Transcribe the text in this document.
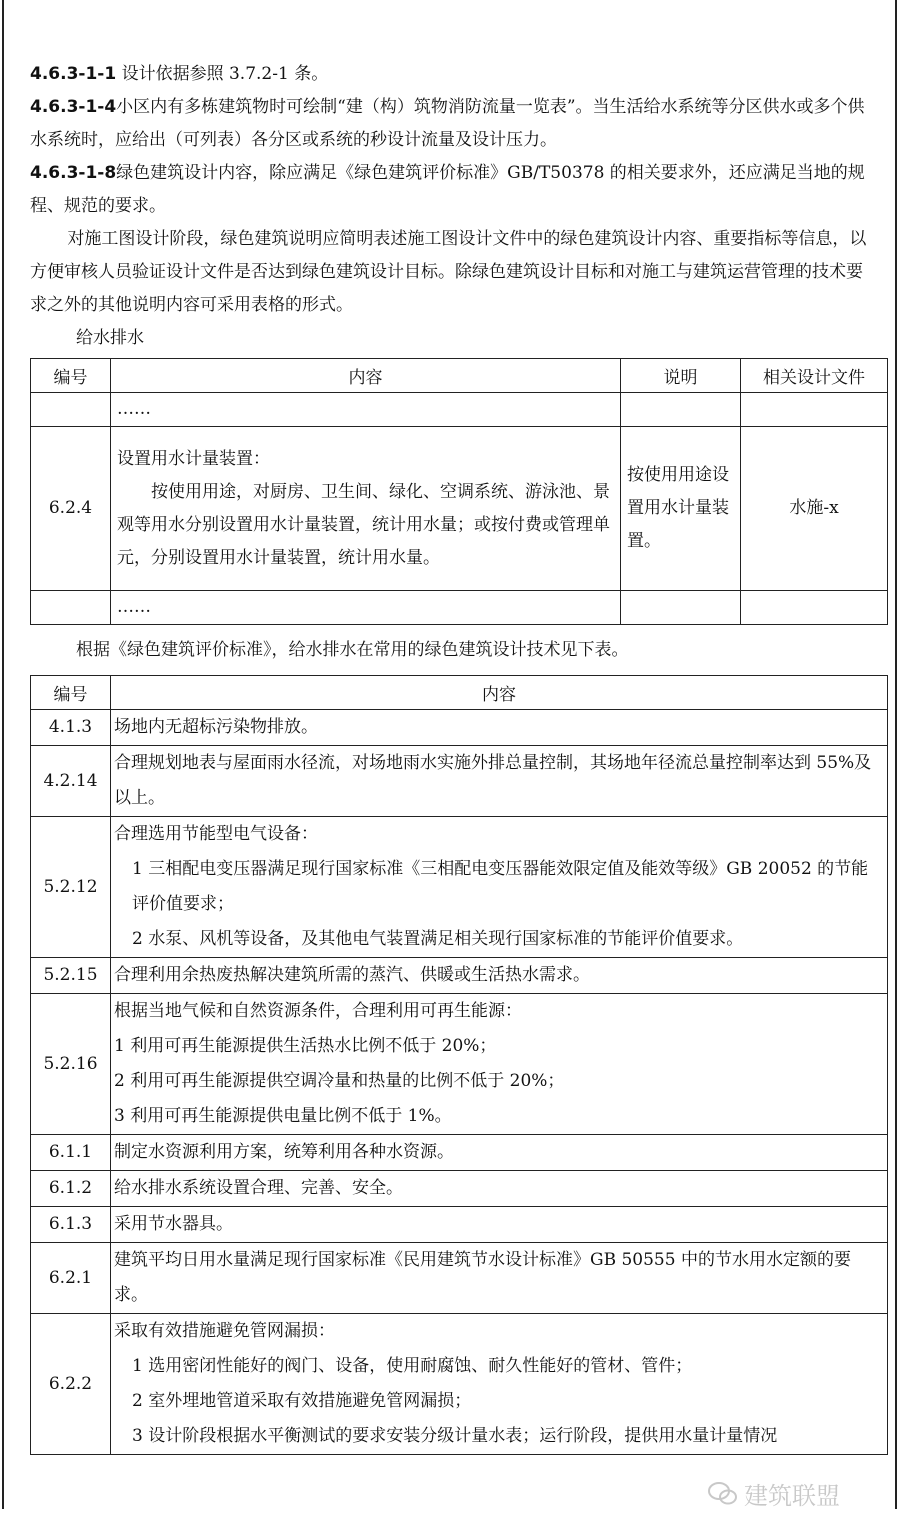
4.6.3-1-1 设计依据参照 3.7.2-1 条。

4.6.3-1-4小区内有多栋建筑物时可绘制“建（构）筑物消防流量一览表”。当生活给水系统等分区供水或多个供水系统时，应给出（可列表）各分区或系统的秒设计流量及设计压力。

4.6.3-1-8绿色建筑设计内容，除应满足《绿色建筑评价标准》GB/T50378 的相关要求外，还应满足当地的规程、规范的要求。

对施工图设计阶段，绿色建筑说明应简明表述施工图设计文件中的绿色建筑设计内容、重要指标等信息，以方便审核人员验证设计文件是否达到绿色建筑设计目标。除绿色建筑设计目标和对施工与建筑运营管理的技术要求之外的其他说明内容可采用表格的形式。

给水排水

编号	内容	说明	相关设计文件
	……		
6.2.4	设置用水计量装置：
按使用用途，对厨房、卫生间、绿化、空调系统、游泳池、景观等用水分别设置用水计量装置，统计用水量；或按付费或管理单元，分别设置用水计量装置，统计用水量。	按使用用途设置用水计量装置。	水施-x
	……		

根据《绿色建筑评价标准》，给水排水在常用的绿色建筑设计技术见下表。

编号	内容
4.1.3	场地内无超标污染物排放。

4.2.14	合理规划地表与屋面雨水径流，对场地雨水实施外排总量控制，其场地年径流总量控制率达到 55%及以上。

5.2.12	合理选用节能型电气设备：
1 三相配电变压器满足现行国家标准《三相配电变压器能效限定值及能效等级》GB 20052 的节能评价值要求；
2 水泵、风机等设备，及其他电气装置满足相关现行国家标准的节能评价值要求。

5.2.15	合理利用余热废热解决建筑所需的蒸汽、供暖或生活热水需求。

5.2.16	根据当地气候和自然资源条件，合理利用可再生能源：
1 利用可再生能源提供生活热水比例不低于 20%；
2 利用可再生能源提供空调冷量和热量的比例不低于 20%；
3 利用可再生能源提供电量比例不低于 1%。

6.1.1	制定水资源利用方案，统筹利用各种水资源。

6.1.2	给水排水系统设置合理、完善、安全。

6.1.3	采用节水器具。

6.2.1	建筑平均日用水量满足现行国家标准《民用建筑节水设计标准》GB 50555 中的节水用水定额的要求。

6.2.2	采取有效措施避免管网漏损：
1 选用密闭性能好的阀门、设备，使用耐腐蚀、耐久性能好的管材、管件；
2 室外埋地管道采取有效措施避免管网漏损；
3 设计阶段根据水平衡测试的要求安装分级计量水表；运行阶段，提供用水量计量情况
建筑联盟
